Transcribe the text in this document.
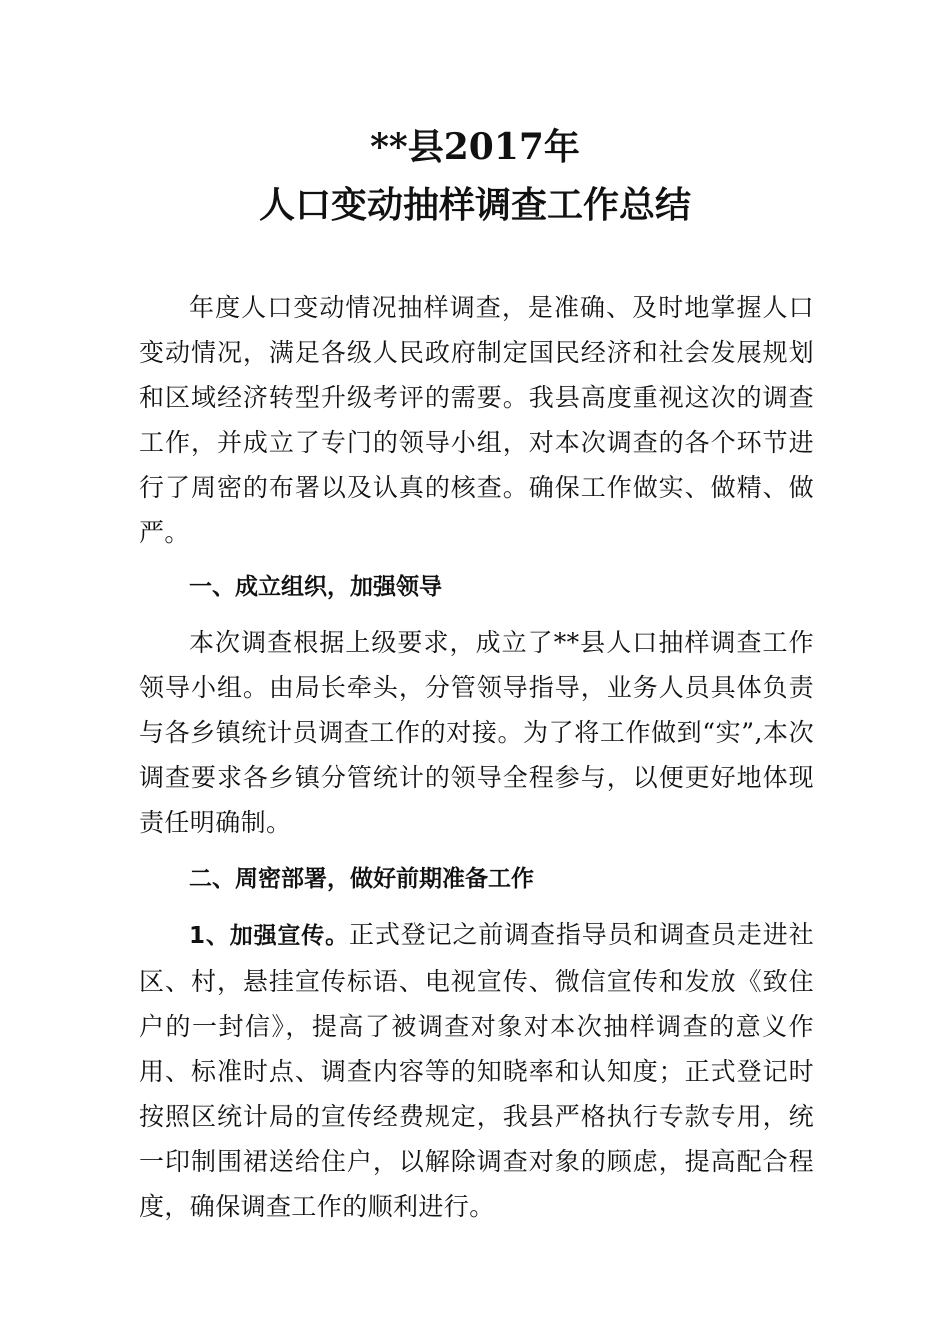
**县2017年
人口变动抽样调查工作总结

年度人口变动情况抽样调查，是准确、及时地掌握人口变动情况，满足各级人民政府制定国民经济和社会发展规划和区域经济转型升级考评的需要。我县高度重视这次的调查工作，并成立了专门的领导小组，对本次调查的各个环节进行了周密的布署以及认真的核查。确保工作做实、做精、做严。

一、成立组织，加强领导

本次调查根据上级要求，成立了**县人口抽样调查工作领导小组。由局长牵头，分管领导指导，业务人员具体负责与各乡镇统计员调查工作的对接。为了将工作做到“实”,本次调查要求各乡镇分管统计的领导全程参与，以便更好地体现责任明确制。

二、周密部署，做好前期准备工作

1、加强宣传。正式登记之前调查指导员和调查员走进社区、村，悬挂宣传标语、电视宣传、微信宣传和发放《致住户的一封信》，提高了被调查对象对本次抽样调查的意义作用、标准时点、调查内容等的知晓率和认知度；正式登记时按照区统计局的宣传经费规定，我县严格执行专款专用，统一印制围裙送给住户，以解除调查对象的顾虑，提高配合程度，确保调查工作的顺利进行。
